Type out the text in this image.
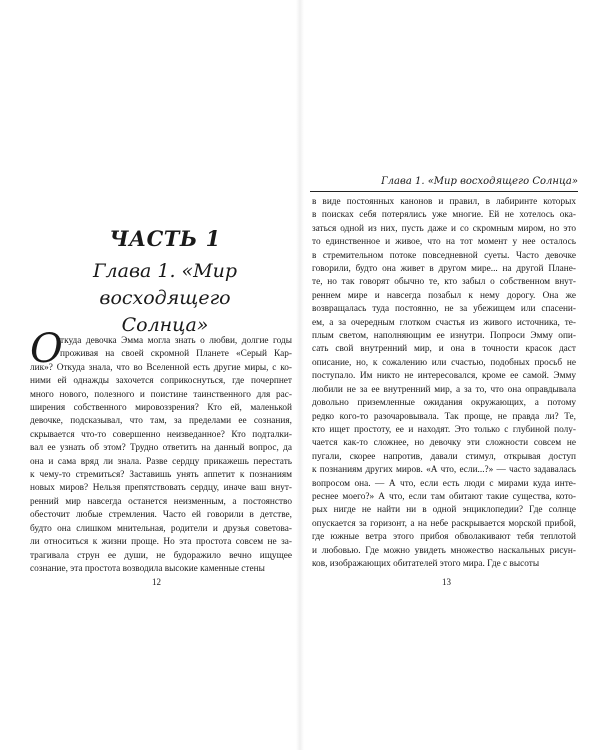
ЧАСТЬ 1
Глава 1. «Мир восходящего
Солнца»
О
ткуда девочка Эмма могла знать о любви, долгие годы
проживая на своей скромной Планете «Серый Кар-
лик»? Откуда знала, что во Вселенной есть другие миры, с ко-
ними ей однажды захочется соприкоснуться, где почерпнет
много нового, полезного и поистине таинственного для рас-
ширения собственного мировоззрения? Кто ей, маленькой
девочке, подсказывал, что там, за пределами ее сознания,
скрывается что-то совершенно неизведанное? Кто подталки-
вал ее узнать об этом? Трудно ответить на данный вопрос, да
она и сама вряд ли знала. Разве сердцу прикажешь перестать
к чему-то стремиться? Заставишь унять аппетит к познаниям
новых миров? Нельзя препятствовать сердцу, иначе ваш внут-
ренний мир навсегда останется неизменным, а постоянство
обесточит любые стремления. Часто ей говорили в детстве,
будто она слишком мнительная, родители и друзья советова-
ли относиться к жизни проще. Но эта простота совсем не за-
трагивала струн ее души, не будоражило вечно ищущее
сознание, эта простота возводила высокие каменные стены
12
Глава 1. «Мир восходящего Солнца»
в виде постоянных канонов и правил, в лабиринте которых
в поисках себя потерялись уже многие. Ей не хотелось ока-
заться одной из них, пусть даже и со скромным миром, но это
то единственное и живое, что на тот момент у нее осталось
в стремительном потоке повседневной суеты. Часто девочке
говорили, будто она живет в другом мире... на другой Плане-
те, но так говорят обычно те, кто забыл о собственном внут-
реннем мире и навсегда позабыл к нему дорогу. Она же
возвращалась туда постоянно, не за убежищем или спасени-
ем, а за очередным глотком счастья из живого источника, те-
плым светом, наполняющим ее изнутри. Попроси Эмму опи-
сать свой внутренний мир, и она в точности красок даст
описание, но, к сожалению или счастью, подобных просьб не
поступало. Им никто не интересовался, кроме ее самой. Эмму
любили не за ее внутренний мир, а за то, что она оправдывала
довольно приземленные ожидания окружающих, а потому
редко кого-то разочаровывала. Так проще, не правда ли? Те,
кто ищет простоту, ее и находят. Это только с глубиной полу-
чается как-то сложнее, но девочку эти сложности совсем не
пугали, скорее напротив, давали стимул, открывая доступ
к познаниям других миров. «А что, если...?» — часто задавалась
вопросом она. — А что, если есть люди с мирами куда инте-
реснее моего?» А что, если там обитают такие существа, кото-
рых нигде не найти ни в одной энциклопедии? Где солнце
опускается за горизонт, а на небе раскрывается морской прибой,
где южные ветра этого прибоя обволакивают тебя теплотой
и любовью. Где можно увидеть множество наскальных рисун-
ков, изображающих обитателей этого мира. Где с высоты
13
